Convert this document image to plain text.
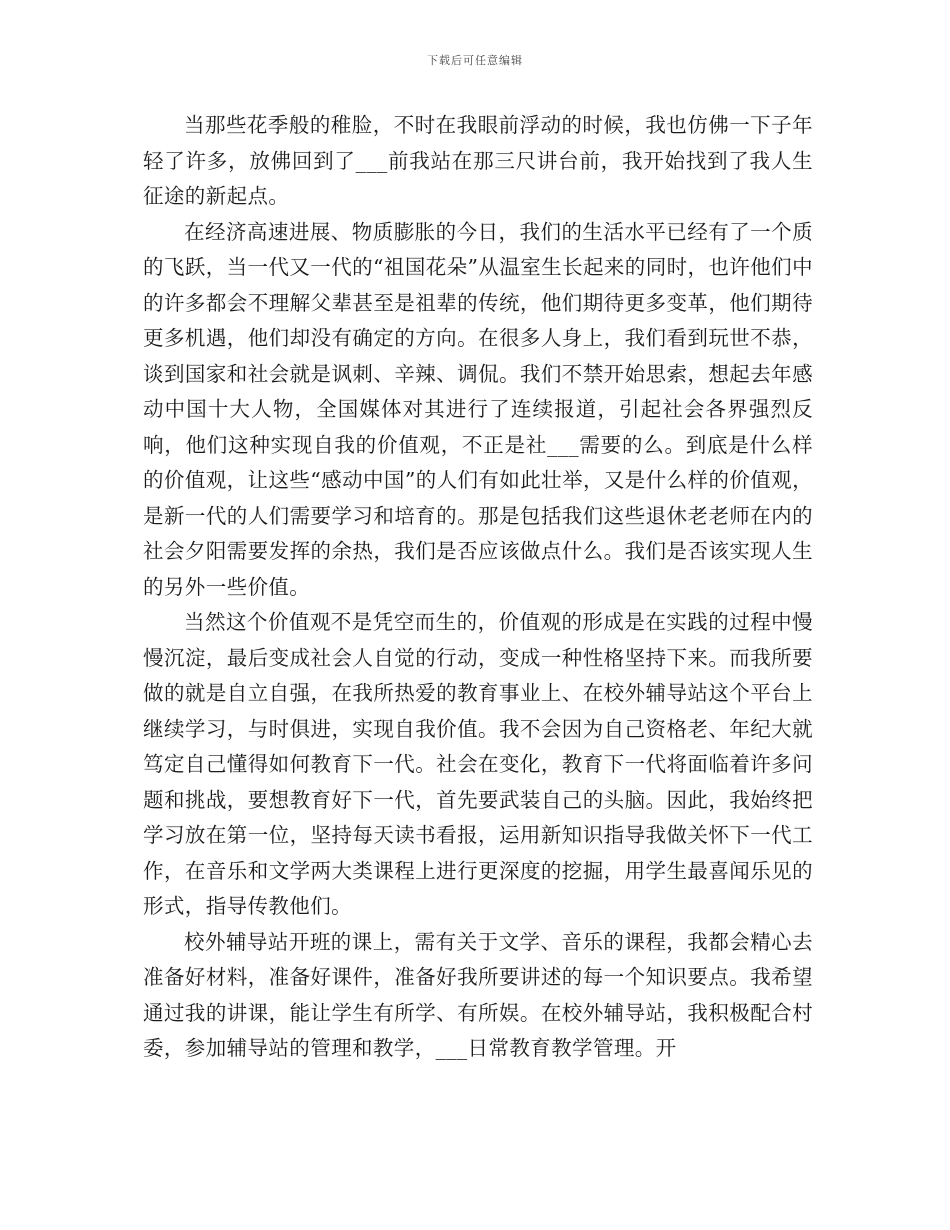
下载后可任意编辑

当那些花季般的稚脸，不时在我眼前浮动的时候，我也仿佛一下子年轻了许多，放佛回到了___前我站在那三尺讲台前，我开始找到了我人生征途的新起点。

在经济高速进展、物质膨胀的今日，我们的生活水平已经有了一个质的飞跃，当一代又一代的“祖国花朵”从温室生长起来的同时，也许他们中的许多都会不理解父辈甚至是祖辈的传统，他们期待更多变革，他们期待更多机遇，他们却没有确定的方向。在很多人身上，我们看到玩世不恭，谈到国家和社会就是讽刺、辛辣、调侃。我们不禁开始思索，想起去年感动中国十大人物，全国媒体对其进行了连续报道，引起社会各界强烈反响，他们这种实现自我的价值观，不正是社___需要的么。到底是什么样的价值观，让这些“感动中国”的人们有如此壮举，又是什么样的价值观，是新一代的人们需要学习和培育的。那是包括我们这些退休老老师在内的社会夕阳需要发挥的余热，我们是否应该做点什么。我们是否该实现人生的另外一些价值。

当然这个价值观不是凭空而生的，价值观的形成是在实践的过程中慢慢沉淀，最后变成社会人自觉的行动，变成一种性格坚持下来。而我所要做的就是自立自强，在我所热爱的教育事业上、在校外辅导站这个平台上继续学习，与时俱进，实现自我价值。我不会因为自己资格老、年纪大就笃定自己懂得如何教育下一代。社会在变化，教育下一代将面临着许多问题和挑战，要想教育好下一代，首先要武装自己的头脑。因此，我始终把学习放在第一位，坚持每天读书看报，运用新知识指导我做关怀下一代工作，在音乐和文学两大类课程上进行更深度的挖掘，用学生最喜闻乐见的形式，指导传教他们。

校外辅导站开班的课上，需有关于文学、音乐的课程，我都会精心去准备好材料，准备好课件，准备好我所要讲述的每一个知识要点。我希望通过我的讲课，能让学生有所学、有所娱。在校外辅导站，我积极配合村委，参加辅导站的管理和教学，___日常教育教学管理。开
